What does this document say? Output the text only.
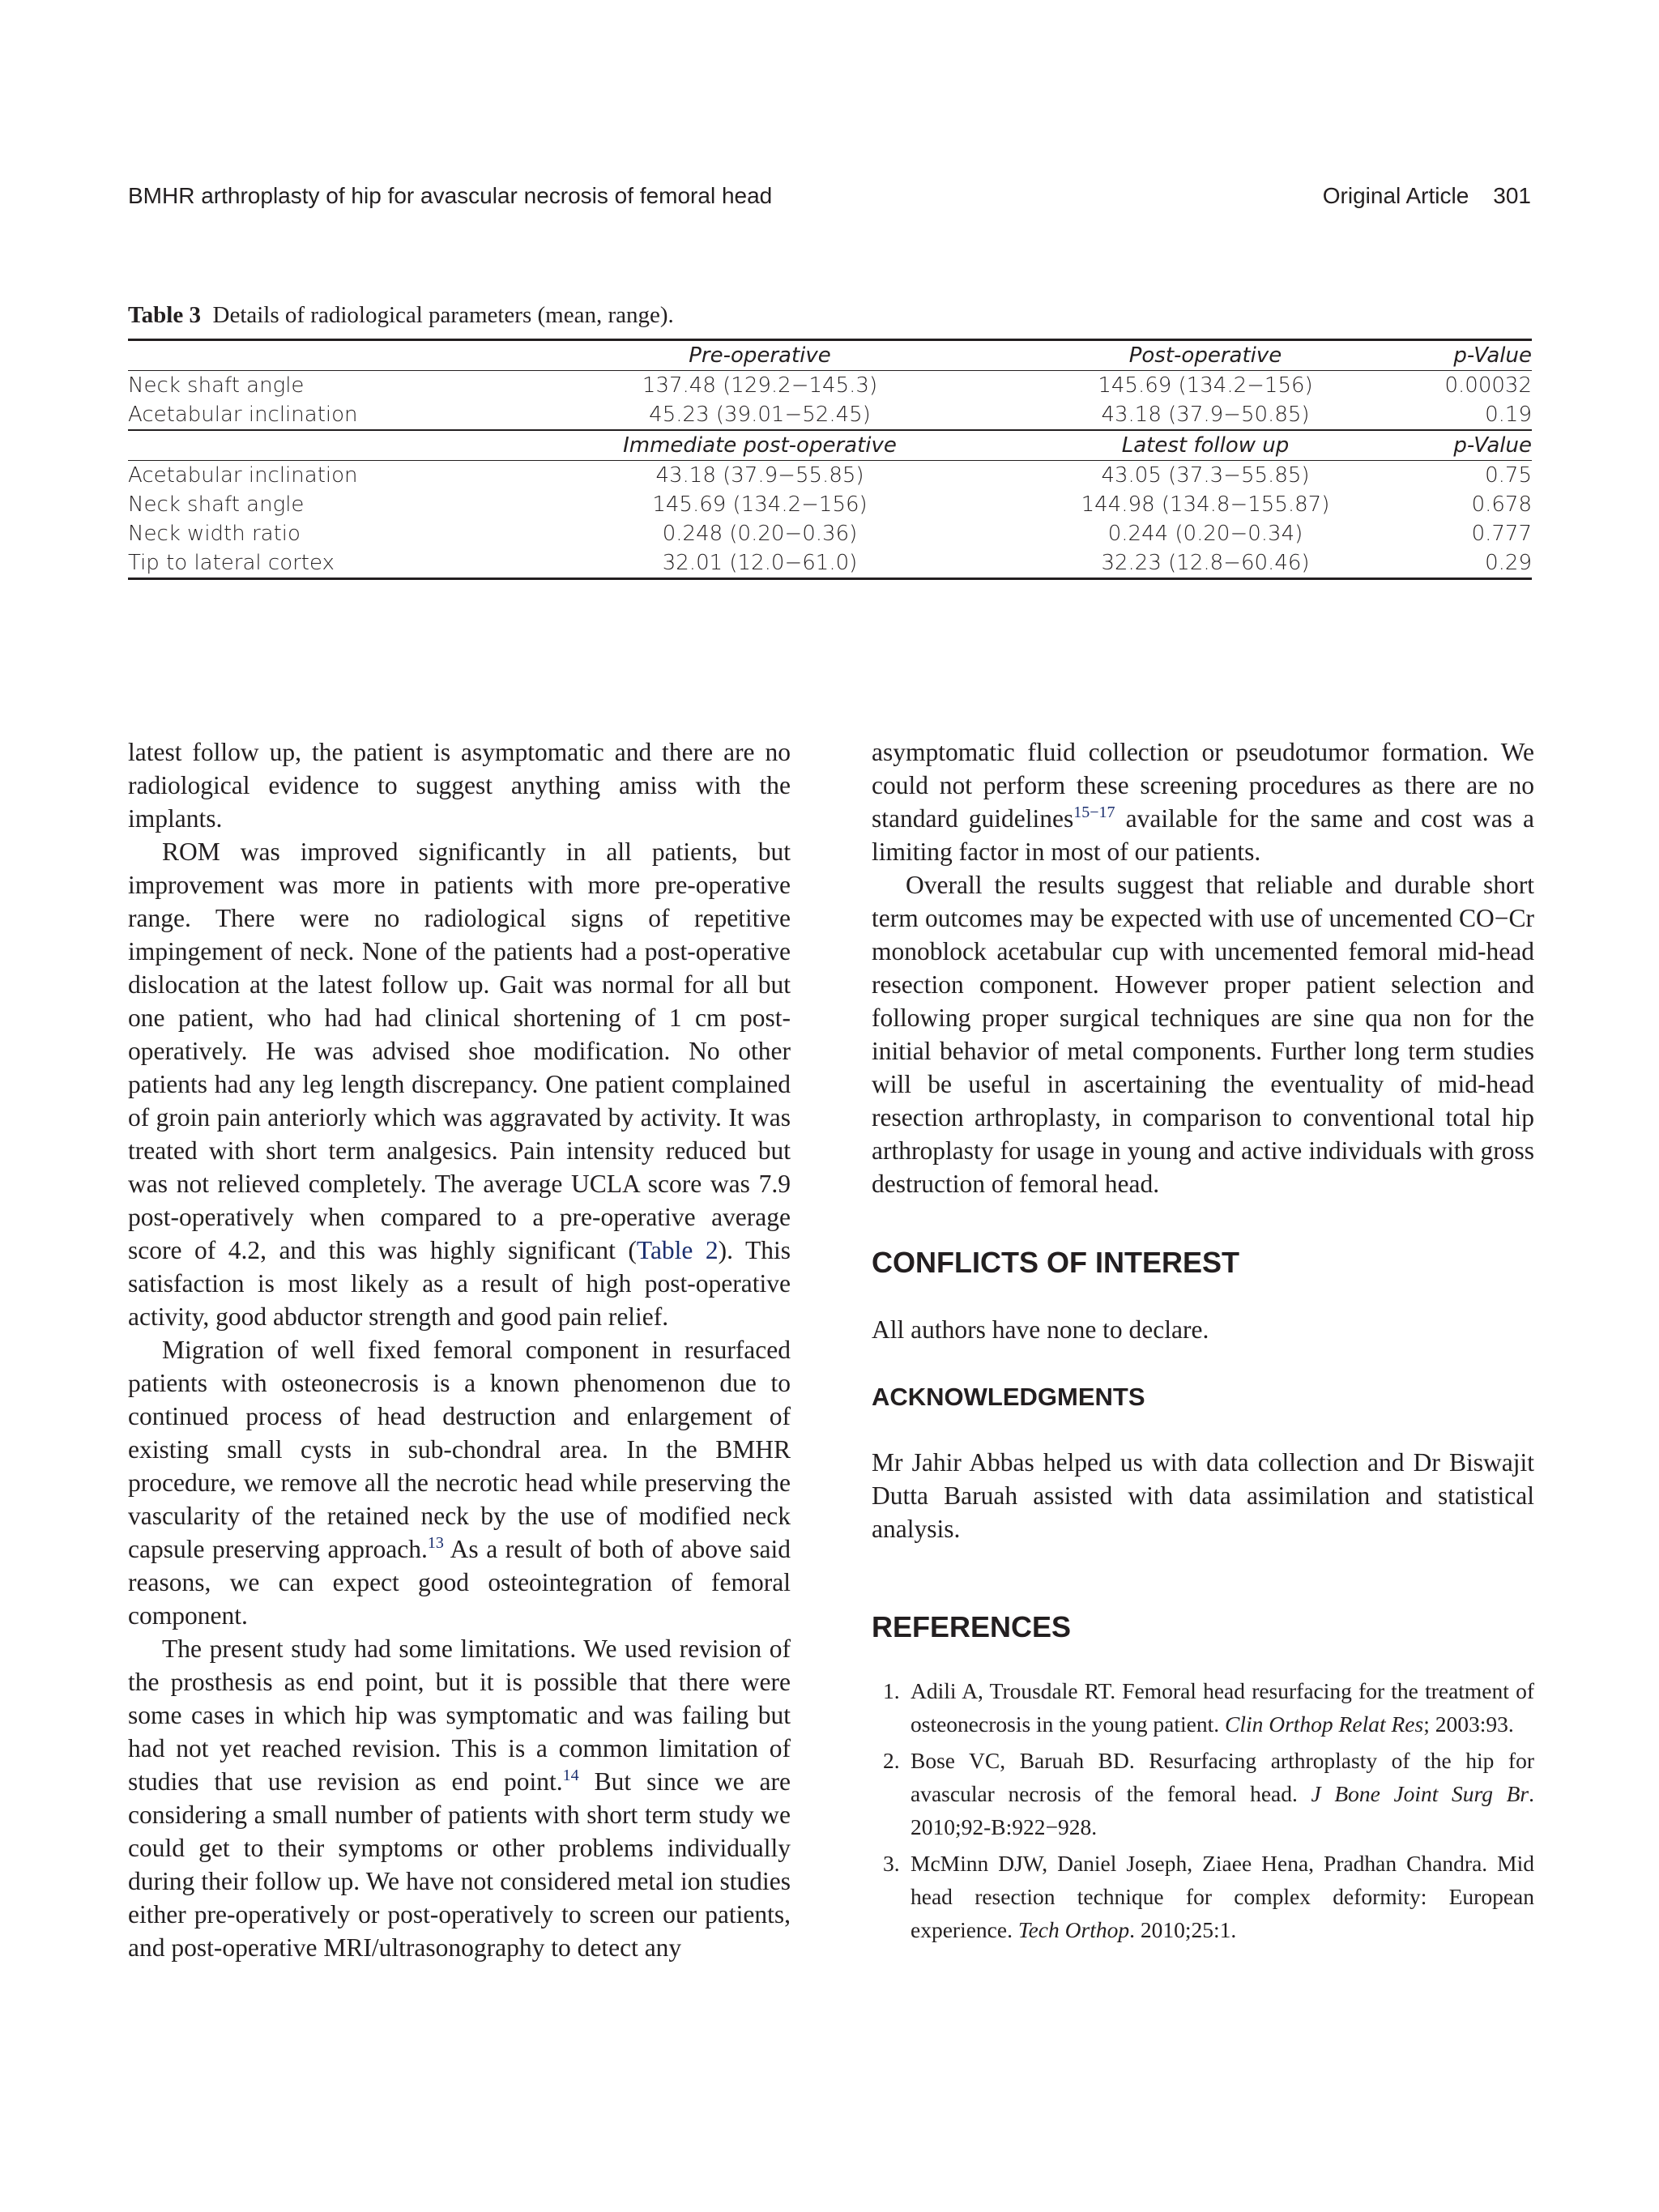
BMHR arthroplasty of hip for avascular necrosis of femoral head	Original Article 301

Table 3 Details of radiological parameters (mean, range).

	Pre-operative	Post-operative	p-Value
Neck shaft angle	137.48 (129.2−145.3)	145.69 (134.2−156)	0.00032
Acetabular inclination	45.23 (39.01−52.45)	43.18 (37.9−50.85)	0.19
	Immediate post-operative	Latest follow up	p-Value
Acetabular inclination	43.18 (37.9−55.85)	43.05 (37.3−55.85)	0.75
Neck shaft angle	145.69 (134.2−156)	144.98 (134.8−155.87)	0.678
Neck width ratio	0.248 (0.20−0.36)	0.244 (0.20−0.34)	0.777
Tip to lateral cortex	32.01 (12.0−61.0)	32.23 (12.8−60.46)	0.29

latest follow up, the patient is asymptomatic and there are no radiological evidence to suggest anything amiss with the implants.

ROM was improved significantly in all patients, but improvement was more in patients with more pre-operative range. There were no radiological signs of repetitive impingement of neck. None of the patients had a post-operative dislocation at the latest follow up. Gait was normal for all but one patient, who had had clinical shortening of 1 cm post-operatively. He was advised shoe modification. No other patients had any leg length discrepancy. One patient complained of groin pain anteriorly which was aggravated by activity. It was treated with short term analgesics. Pain intensity reduced but was not relieved completely. The average UCLA score was 7.9 post-operatively when compared to a pre-operative average score of 4.2, and this was highly significant (Table 2). This satisfaction is most likely as a result of high post-operative activity, good abductor strength and good pain relief.

Migration of well fixed femoral component in resurfaced patients with osteonecrosis is a known phenomenon due to continued process of head destruction and enlargement of existing small cysts in sub-chondral area. In the BMHR procedure, we remove all the necrotic head while preserving the vascularity of the retained neck by the use of modified neck capsule preserving approach.$^{13}$ As a result of both of above said reasons, we can expect good osteointegration of femoral component.

The present study had some limitations. We used revision of the prosthesis as end point, but it is possible that there were some cases in which hip was symptomatic and was failing but had not yet reached revision. This is a common limitation of studies that use revision as end point.$^{14}$ But since we are considering a small number of patients with short term study we could get to their symptoms or other problems individually during their follow up. We have not considered metal ion studies either pre-operatively or post-operatively to screen our patients, and post-operative MRI/ultrasonography to detect any

asymptomatic fluid collection or pseudotumor formation. We could not perform these screening procedures as there are no standard guidelines$^{15-17}$ available for the same and cost was a limiting factor in most of our patients.

Overall the results suggest that reliable and durable short term outcomes may be expected with use of uncemented CO−Cr monoblock acetabular cup with uncemented femoral mid-head resection component. However proper patient selection and following proper surgical techniques are sine qua non for the initial behavior of metal components. Further long term studies will be useful in ascertaining the eventuality of mid-head resection arthroplasty, in comparison to conventional total hip arthroplasty for usage in young and active individuals with gross destruction of femoral head.

CONFLICTS OF INTEREST

All authors have none to declare.

ACKNOWLEDGMENTS

Mr Jahir Abbas helped us with data collection and Dr Biswajit Dutta Baruah assisted with data assimilation and statistical analysis.

REFERENCES
1. Adili A, Trousdale RT. Femoral head resurfacing for the treatment of osteonecrosis in the young patient. Clin Orthop Relat Res; 2003:93.
2. Bose VC, Baruah BD. Resurfacing arthroplasty of the hip for avascular necrosis of the femoral head. J Bone Joint Surg Br. 2010;92-B:922−928.
3. McMinn DJW, Daniel Joseph, Ziaee Hena, Pradhan Chandra. Mid head resection technique for complex deformity: European experience. Tech Orthop. 2010;25:1.
